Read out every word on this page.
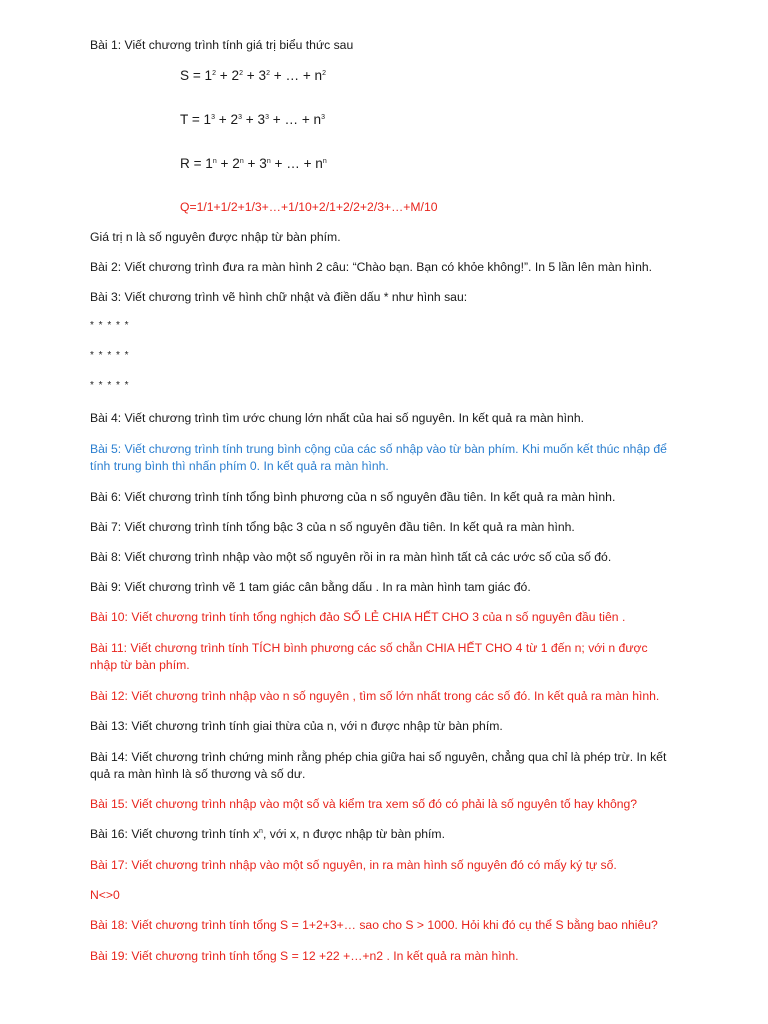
Bài 1: Viết chương trình tính giá trị biểu thức sau
$S = 1^2 + 2^2 + 3^2$ + … + $n^2$
$T = 1^3 + 2^3 + 3^3$ + … + $n^3$
$R = 1^n + 2^n + 3^n$ + … + $n^n$
Q=1/1+1/2+1/3+…+1/10+2/1+2/2+2/3+…+M/10
Giá trị n là số nguyên được nhập từ bàn phím.
Bài 2: Viết chương trình đưa ra màn hình 2 câu: “Chào bạn. Bạn có khỏe không!”. In 5 lần lên màn hình.
Bài 3: Viết chương trình vẽ hình chữ nhật và điền dấu * như hình sau:
* * * * *
* * * * *
* * * * *
Bài 4: Viết chương trình tìm ước chung lớn nhất của hai số nguyên. In kết quả ra màn hình.
Bài 5: Viết chương trình tính trung bình cộng của các số nhập vào từ bàn phím. Khi muốn kết thúc nhập để tính trung bình thì nhấn phím 0. In kết quả ra màn hình.
Bài 6: Viết chương trình tính tổng bình phương của n số nguyên đầu tiên. In kết quả ra màn hình.
Bài 7: Viết chương trình tính tổng bậc 3 của n số nguyên đầu tiên. In kết quả ra màn hình.
Bài 8: Viết chương trình nhập vào một số nguyên rồi in ra màn hình tất cả các ước số của số đó.
Bài 9: Viết chương trình vẽ 1 tam giác cân bằng dấu . In ra màn hình tam giác đó.
Bài 10: Viết chương trình tính tổng nghịch đảo SỐ LẺ CHIA HẾT CHO 3 của n số nguyên đầu tiên .
Bài 11: Viết chương trình tính TÍCH bình phương các số chẵn CHIA HẾT CHO 4 từ 1 đến n; với n được nhập từ bàn phím.
Bài 12: Viết chương trình nhập vào n số nguyên , tìm số lớn nhất trong các số đó. In kết quả ra màn hình.
Bài 13: Viết chương trình tính giai thừa của n, với n được nhập từ bàn phím.
Bài 14: Viết chương trình chứng minh rằng phép chia giữa hai số nguyên, chẳng qua chỉ là phép trừ. In kết quả ra màn hình là số thương và số dư.
Bài 15: Viết chương trình nhập vào một số và kiểm tra xem số đó có phải là số nguyên tố hay không?
Bài 16: Viết chương trình tính $x^n$, với x, n được nhập từ bàn phím.
Bài 17: Viết chương trình nhập vào một số nguyên, in ra màn hình số nguyên đó có mấy ký tự số.
N<>0
Bài 18: Viết chương trình tính tổng S = 1+2+3+… sao cho S > 1000. Hỏi khi đó cụ thể S bằng bao nhiêu?
Bài 19: Viết chương trình tính tổng S = 12 +22 +…+n2 . In kết quả ra màn hình.
